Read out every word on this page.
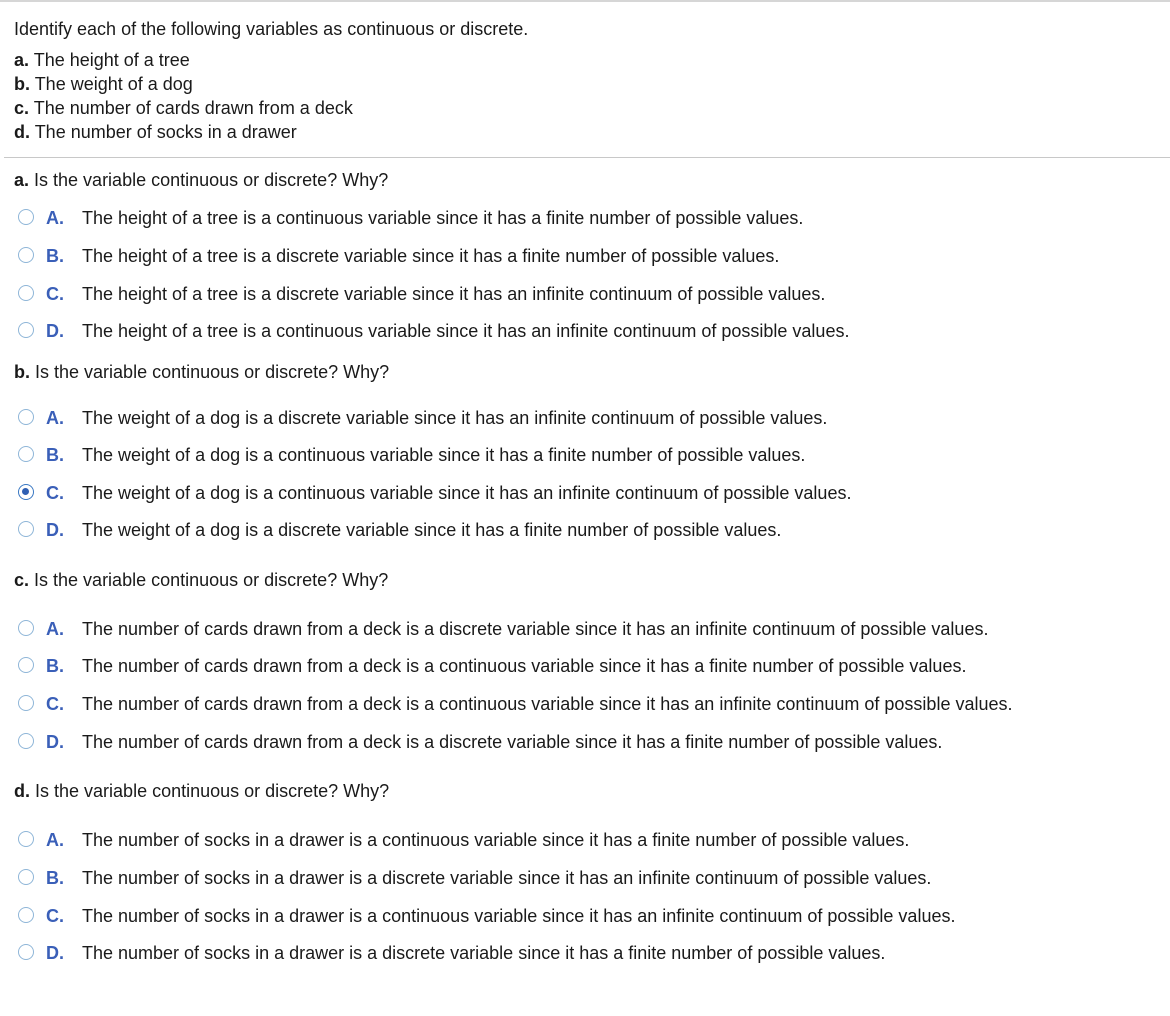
Identify each of the following variables as continuous or discrete.
a. The height of a tree
b. The weight of a dog
c. The number of cards drawn from a deck
d. The number of socks in a drawer
a. Is the variable continuous or discrete? Why?
A. The height of a tree is a continuous variable since it has a finite number of possible values.
B. The height of a tree is a discrete variable since it has a finite number of possible values.
C. The height of a tree is a discrete variable since it has an infinite continuum of possible values.
D. The height of a tree is a continuous variable since it has an infinite continuum of possible values.
b. Is the variable continuous or discrete? Why?
A. The weight of a dog is a discrete variable since it has an infinite continuum of possible values.
B. The weight of a dog is a continuous variable since it has a finite number of possible values.
C. The weight of a dog is a continuous variable since it has an infinite continuum of possible values.
D. The weight of a dog is a discrete variable since it has a finite number of possible values.
c. Is the variable continuous or discrete? Why?
A. The number of cards drawn from a deck is a discrete variable since it has an infinite continuum of possible values.
B. The number of cards drawn from a deck is a continuous variable since it has a finite number of possible values.
C. The number of cards drawn from a deck is a continuous variable since it has an infinite continuum of possible values.
D. The number of cards drawn from a deck is a discrete variable since it has a finite number of possible values.
d. Is the variable continuous or discrete? Why?
A. The number of socks in a drawer is a continuous variable since it has a finite number of possible values.
B. The number of socks in a drawer is a discrete variable since it has an infinite continuum of possible values.
C. The number of socks in a drawer is a continuous variable since it has an infinite continuum of possible values.
D. The number of socks in a drawer is a discrete variable since it has a finite number of possible values.
